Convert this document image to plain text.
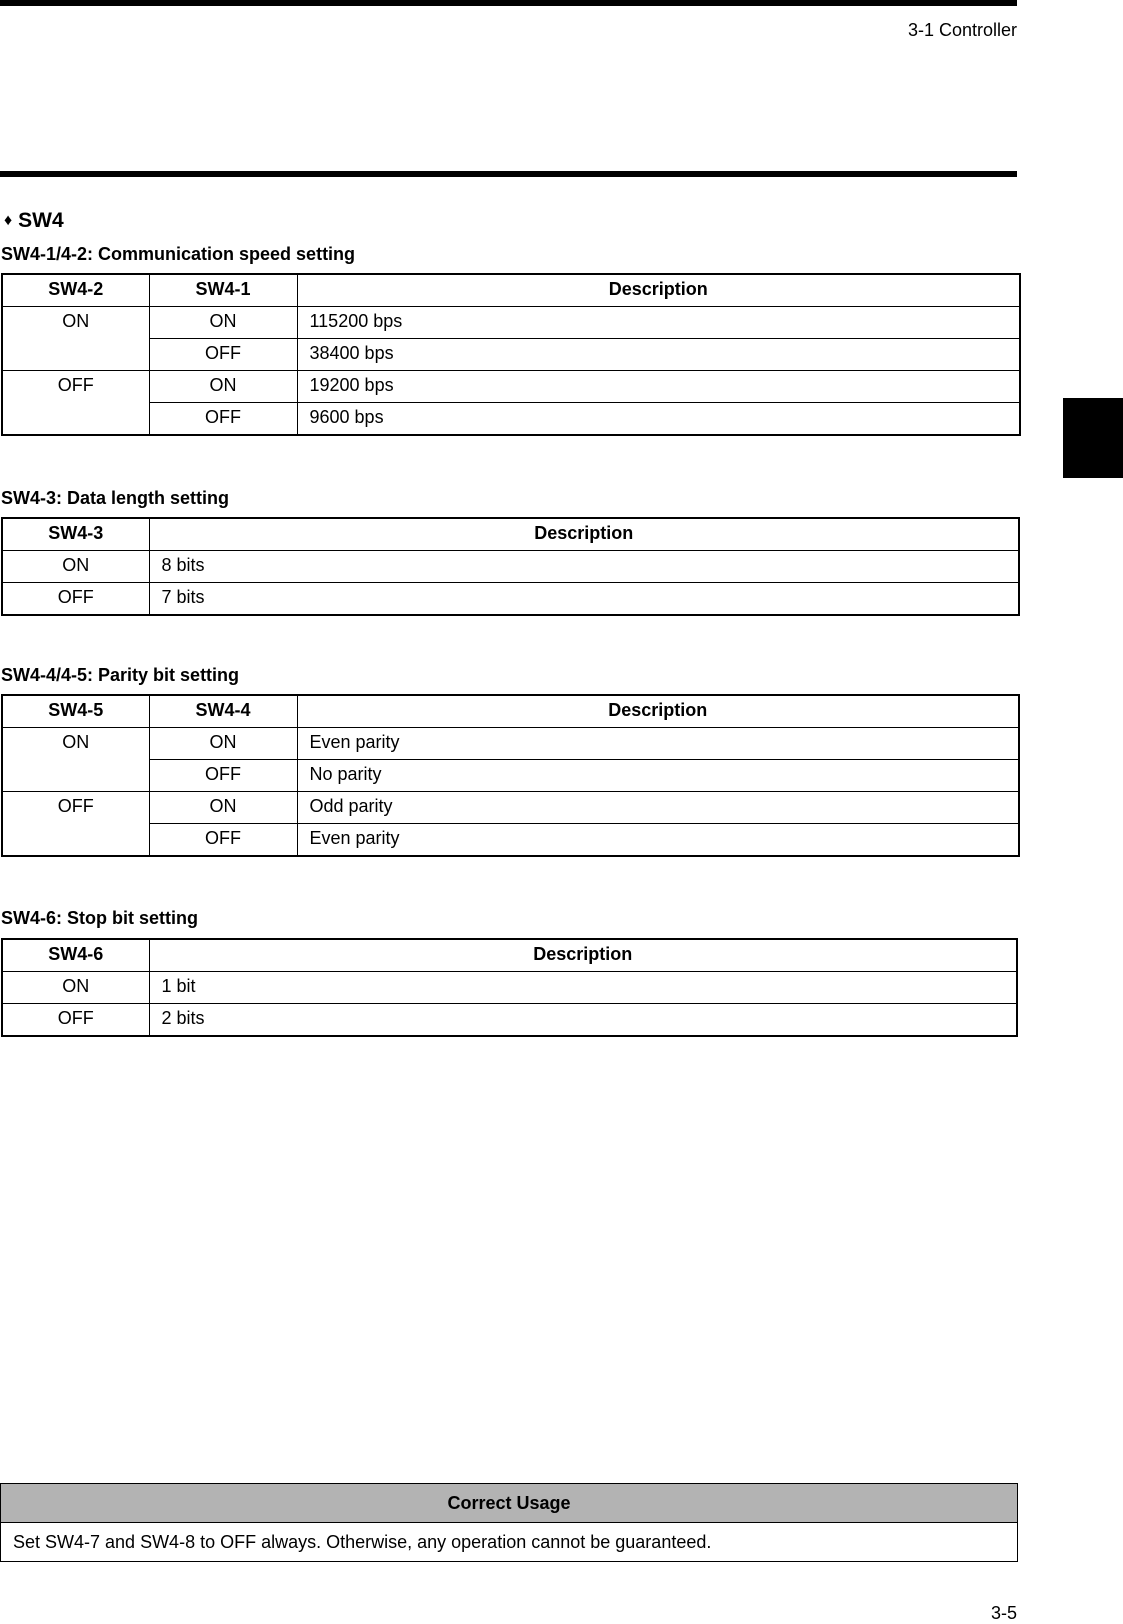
3-1 Controller
♦ SW4
SW4-1/4-2: Communication speed setting
SW4-2	SW4-1	Description
ON	ON	115200 bps
	OFF	38400 bps
OFF	ON	19200 bps
	OFF	9600 bps
SW4-3: Data length setting
SW4-3	Description
ON	8 bits
OFF	7 bits
SW4-4/4-5: Parity bit setting
SW4-5	SW4-4	Description
ON	ON	Even parity
	OFF	No parity
OFF	ON	Odd parity
	OFF	Even parity
SW4-6: Stop bit setting
SW4-6	Description
ON	1 bit
OFF	2 bits
Correct Usage
Set SW4-7 and SW4-8 to OFF always. Otherwise, any operation cannot be guaranteed.
3-5
